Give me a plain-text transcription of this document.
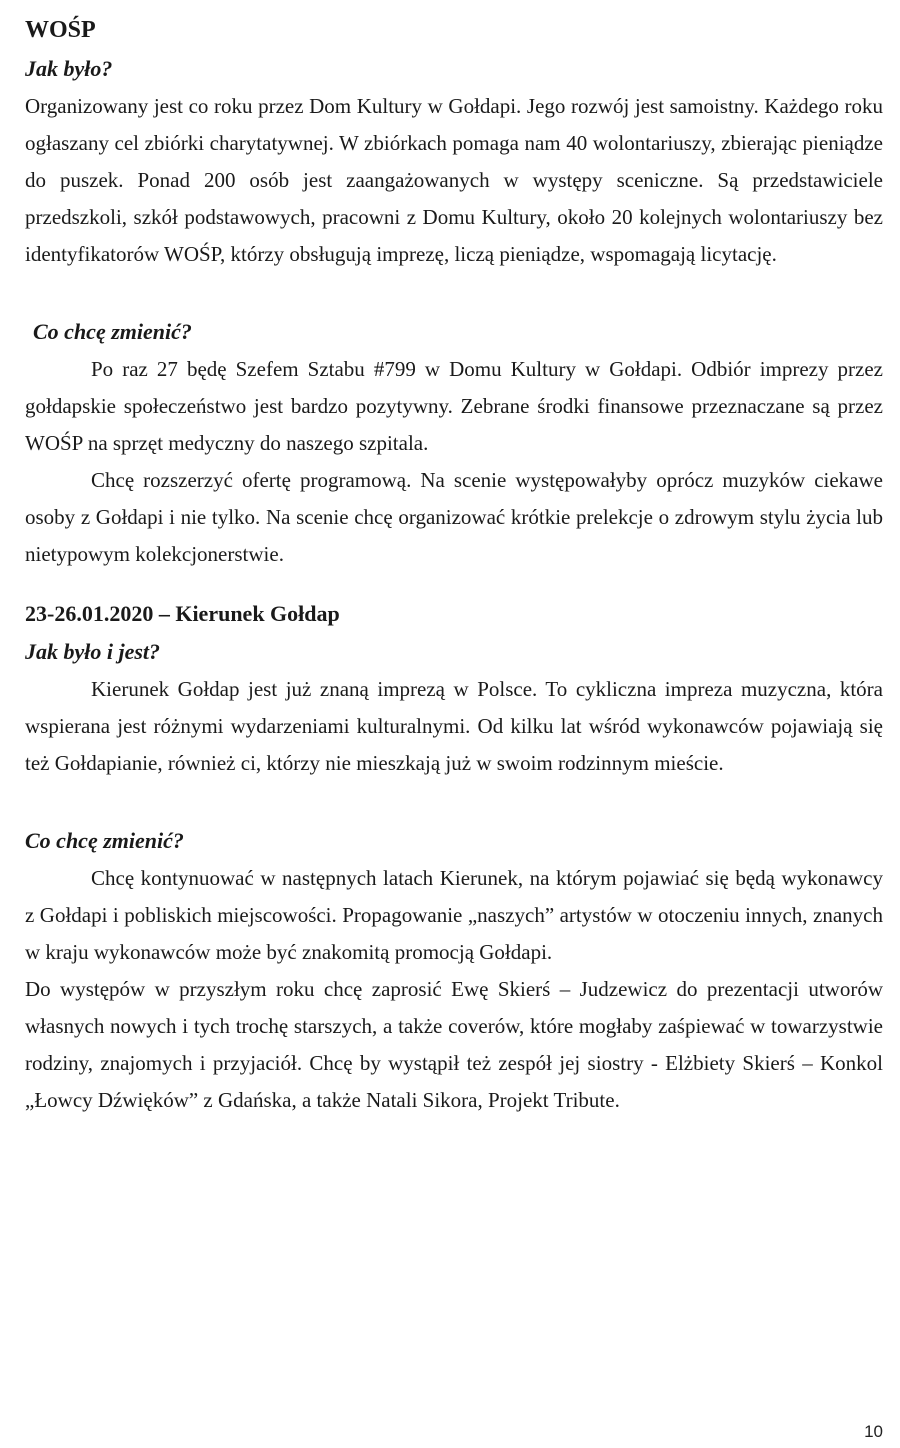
WOŚP
Jak było?

Organizowany jest co roku przez Dom Kultury w Gołdapi. Jego rozwój jest samoistny. Każdego roku ogłaszany cel zbiórki charytatywnej. W zbiórkach pomaga nam 40 wolontariuszy, zbierając pieniądze do puszek. Ponad 200 osób jest zaangażowanych w występy sceniczne. Są przedstawiciele przedszkoli, szkół podstawowych, pracowni z Domu Kultury, około 20 kolejnych wolontariuszy bez identyfikatorów WOŚP, którzy obsługują imprezę, liczą pieniądze, wspomagają licytację.

Co chcę zmienić?

Po raz 27 będę Szefem Sztabu #799 w Domu Kultury w Gołdapi. Odbiór imprezy przez gołdapskie społeczeństwo jest bardzo pozytywny. Zebrane środki finansowe przeznaczane są przez WOŚP na sprzęt medyczny do naszego szpitala.

Chcę rozszerzyć ofertę programową. Na scenie występowałyby oprócz muzyków ciekawe osoby z Gołdapi i nie tylko. Na scenie chcę organizować krótkie prelekcje o zdrowym stylu życia lub nietypowym kolekcjonerstwie.

23-26.01.2020 – Kierunek Gołdap
Jak było i jest?

Kierunek Gołdap jest już znaną imprezą w Polsce. To cykliczna impreza muzyczna, która wspierana jest różnymi wydarzeniami kulturalnymi. Od kilku lat wśród wykonawców pojawiają się też Gołdapianie, również ci, którzy nie mieszkają już w swoim rodzinnym mieście.

Co chcę zmienić?

Chcę kontynuować w następnych latach Kierunek, na którym pojawiać się będą wykonawcy z Gołdapi i pobliskich miejscowości. Propagowanie „naszych” artystów w otoczeniu innych, znanych w kraju wykonawców może być znakomitą promocją Gołdapi.

Do występów w przyszłym roku chcę zaprosić Ewę Skierś – Judzewicz do prezentacji utworów własnych nowych i tych trochę starszych, a także coverów, które mogłaby zaśpiewać w towarzystwie rodziny, znajomych i przyjaciół. Chcę by wystąpił też zespół jej siostry - Elżbiety Skierś – Konkol „Łowcy Dźwięków” z Gdańska, a także Natali Sikora, Projekt Tribute.

10
